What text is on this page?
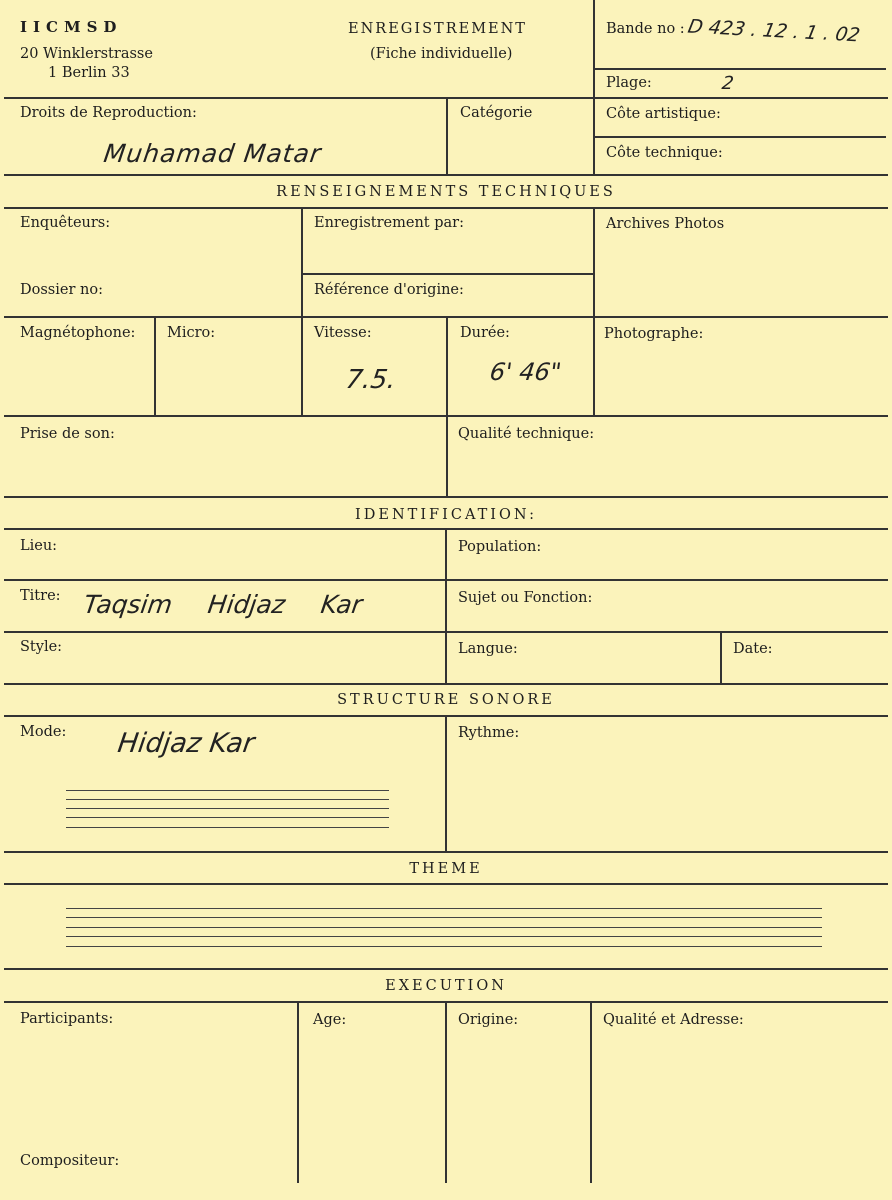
IICMSD
20 Winklerstrasse
1 Berlin 33
ENREGISTREMENT
(Fiche individuelle)
Bande no : D 423 . 12 . 1 . 02
Plage:	2
Droits de Reproduction:
Muhamad Matar
Catégorie	Côte artistique:
Côte technique:
RENSEIGNEMENTS TECHNIQUES
Enquêteurs:	Enregistrement par:	Archives Photos
Dossier no:	Référence d'origine:
Magnétophone: Micro:	Vitesse:
7.5.
Durée:
6' 46"
Photographe:
Prise de son:	Qualité technique:
IDENTIFICATION:
Lieu:	Population:
Titre: Taqsim Hidjaz Kar	Sujet ou Fonction:
Style:	Langue:	Date:
STRUCTURE SONORE
Mode: Hidjaz Kar	Rythme:
THEME
EXECUTION
Participants:	Age:	Origine:	Qualité et Adresse:
Compositeur:
